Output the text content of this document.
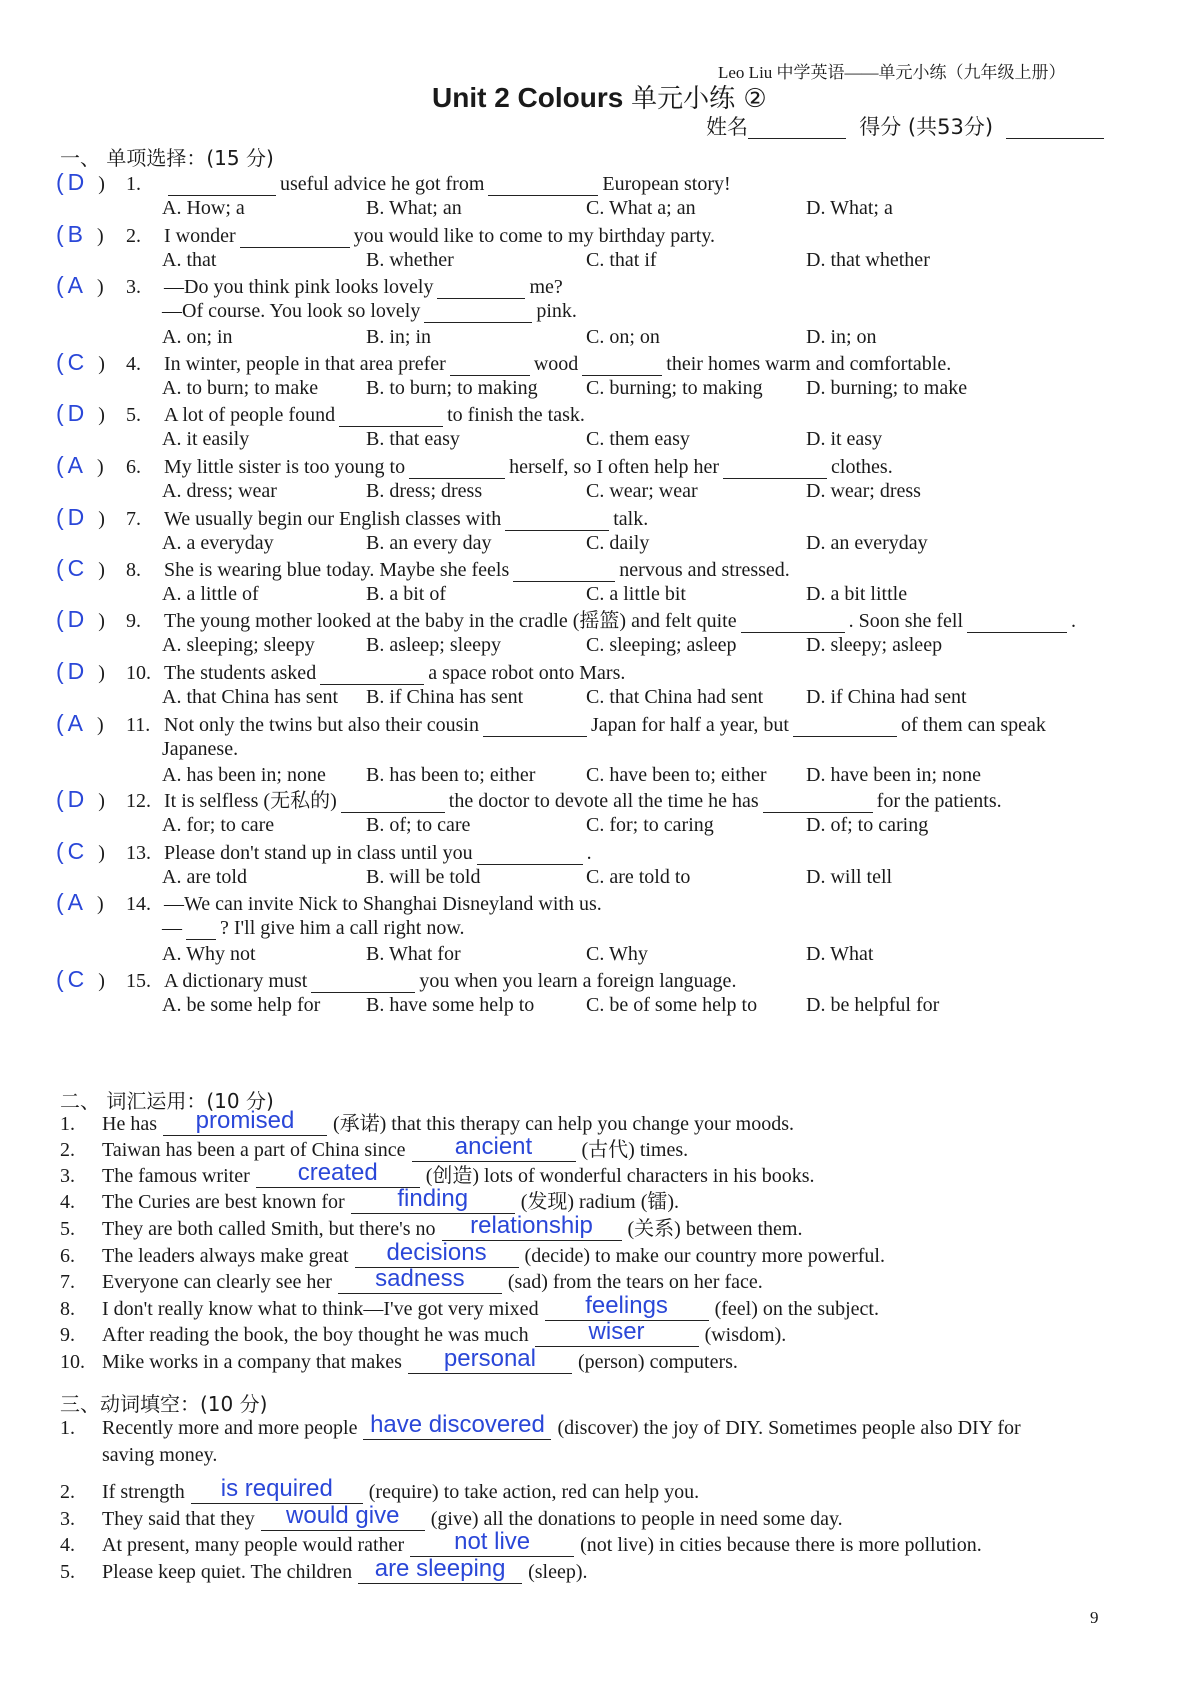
Leo Liu 中学英语——单元小练（九年级上册）
Unit 2 Colours 单元小练 ②
姓名	得分 (共53分)
一、 单项选择：(15 分)
( D ) 1.	useful advice he got from	European story!
A. How; a	B. What; an	C. What a; an	D. What; a
( B ) 2. I wonder	you would like to come to my birthday party.
A. that	B. whether	C. that if	D. that whether
( A ) 3. —Do you think pink looks lovely	me?
—Of course. You look so lovely	pink.
A. on; in	B. in; in	C. on; on	D. in; on
( C ) 4. In winter, people in that area prefer	wood	their homes warm and comfortable.
A. to burn; to make B. to burn; to making C. burning; to making D. burning; to make
( D ) 5. A lot of people found	to finish the task.
A. it easily	B. that easy	C. them easy	D. it easy
( A ) 6. My little sister is too young to	herself, so I often help her	clothes.
A. dress; wear	B. dress; dress	C. wear; wear	D. wear; dress
( D ) 7. We usually begin our English classes with	talk.
A. a everyday	B. an every day	C. daily	D. an everyday
( C ) 8. She is wearing blue today. Maybe she feels	nervous and stressed.
A. a little of	B. a bit of	C. a little bit	D. a bit little
( D ) 9. The young mother looked at the baby in the cradle (摇篮) and felt quite	. Soon she fell	.
A. sleeping; sleepy	B. asleep; sleepy	C. sleeping; asleep	D. sleepy; asleep
( D ) 10. The students asked	a space robot onto Mars.
A. that China has sent B. if China has sent	C. that China had sent D. if China had sent
( A ) 11. Not only the twins but also their cousin	Japan for half a year, but	of them can speak
Japanese.
A. has been in; none B. has been to; either	C. have been to; either D. have been in; none
( D ) 12. It is selfless (无私的)	the doctor to devote all the time he has	for the patients.
A. for; to care	B. of; to care	C. for; to caring	D. of; to caring
( C ) 13. Please don't stand up in class until you	.
A. are told	B. will be told	C. are told to	D. will tell
( A ) 14. —We can invite Nick to Shanghai Disneyland with us.
— ? I'll give him a call right now.
A. Why not	B. What for	C. Why	D. What
( C ) 15. A dictionary must	you when you learn a foreign language.
A. be some help for B. have some help to	C. be of some help to D. be helpful for
二、 词汇运用：(10 分)
1. He has	promised	(承诺) that this therapy can help you change your moods.
2. Taiwan has been a part of China since	ancient	(古代) times.
3. The famous writer	created	(创造) lots of wonderful characters in his books.
4. The Curies are best known for	finding	(发现) radium (镭).
5. They are both called Smith, but there's no	relationship	(关系) between them.
6. The leaders always make great	decisions	(decide) to make our country more powerful.
7. Everyone can clearly see her	sadness	(sad) from the tears on her face.
8. I don't really know what to think—I've got very mixed	feelings	(feel) on the subject.
9. After reading the book, the boy thought he was much	wiser	(wisdom).
10. Mike works in a company that makes	personal	(person) computers.
三、动词填空：(10 分)
1. Recently more and more people have discovered (discover) the joy of DIY. Sometimes people also DIY for
saving money.
2. If strength	is required	(require) to take action, red can help you.
3. They said that they	would give	(give) all the donations to people in need some day.
4. At present, many people would rather	not live	(not live) in cities because there is more pollution.
5. Please keep quiet. The children are sleeping	(sleep).
9
